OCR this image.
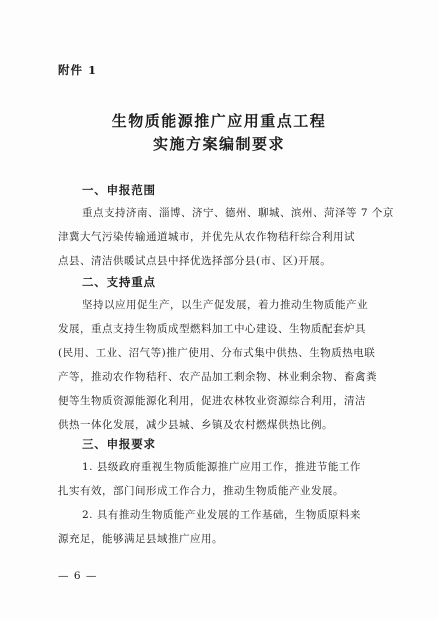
附件 1
生物质能源推广应用重点工程
实施方案编制要求
一、申报范围
重点支持济南、淄博、济宁、德州、聊城、滨州、菏泽等 7 个京
津冀大气污染传输通道城市，并优先从农作物秸秆综合利用试
点县、清洁供暖试点县中择优选择部分县(市、区)开展。
二、支持重点
坚持以应用促生产，以生产促发展，着力推动生物质能产业
发展，重点支持生物质成型燃料加工中心建设、生物质配套炉具
(民用、工业、沼气等)推广使用、分布式集中供热、生物质热电联
产等，推动农作物秸秆、农产品加工剩余物、林业剩余物、畜禽粪
便等生物质资源能源化利用，促进农林牧业资源综合利用，清洁
供热一体化发展，减少县城、乡镇及农村燃煤供热比例。
三、申报要求
1. 县级政府重视生物质能源推广应用工作，推进节能工作
扎实有效，部门间形成工作合力，推动生物质能产业发展。
2. 具有推动生物质能产业发展的工作基础，生物质原料来
源充足，能够满足县域推广应用。
— 6 —
